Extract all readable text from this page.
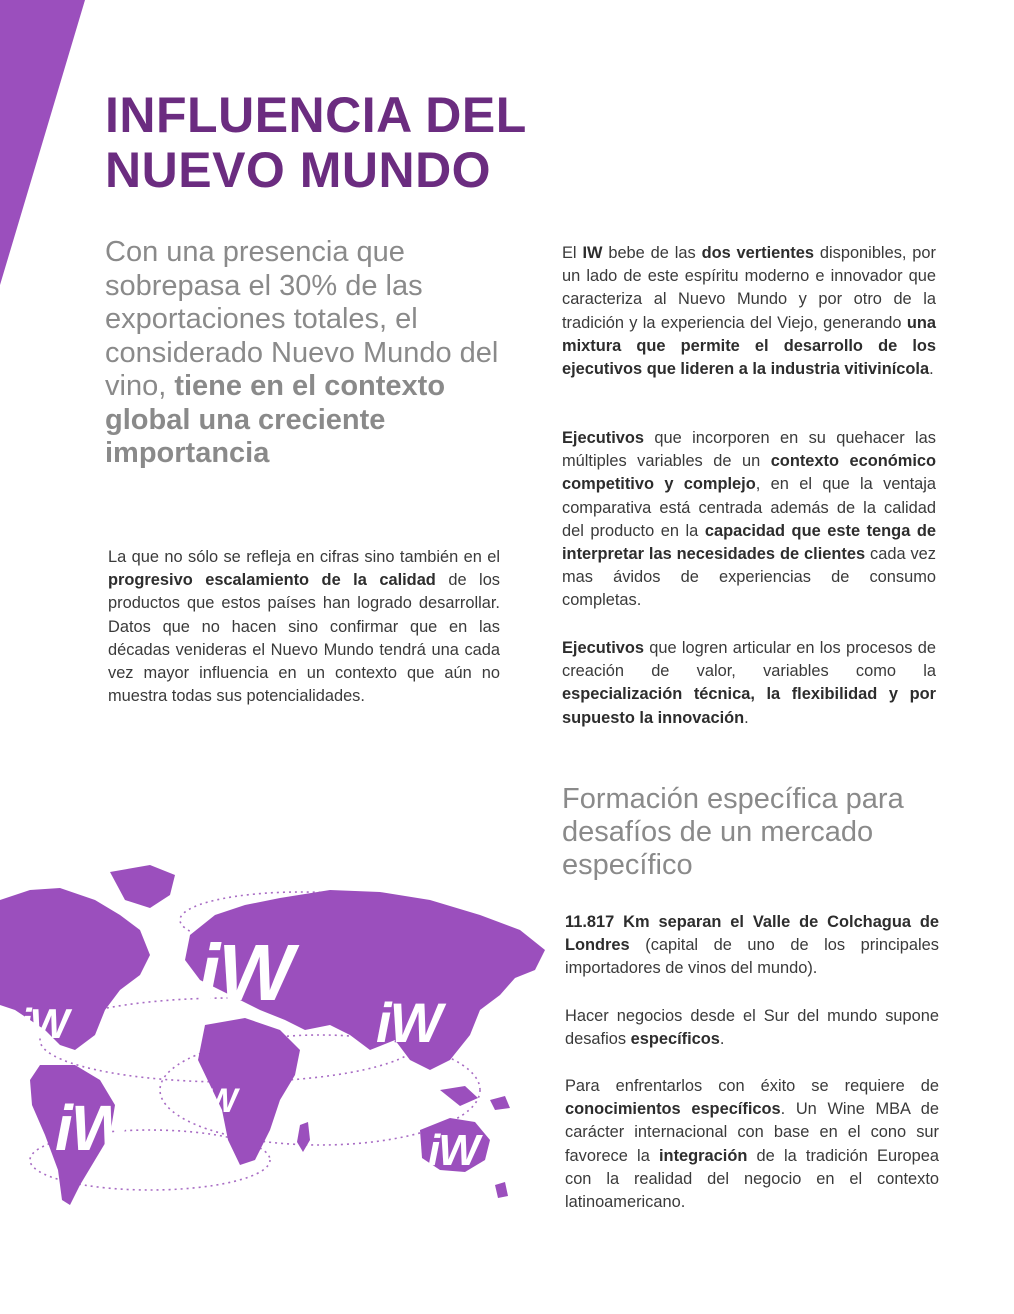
INFLUENCIA DEL
NUEVO MUNDO

Con una presencia que sobrepasa el 30% de las exportaciones totales, el considerado Nuevo Mundo del vino, tiene en el contexto global una creciente importancia

La que no sólo se refleja en cifras sino también en el progresivo escalamiento de la calidad de los productos que estos países han logrado desarrollar. Datos que no hacen sino confirmar que en las décadas venideras el Nuevo Mundo tendrá una cada vez mayor influencia en un contexto que aún no muestra todas sus potencialidades.

El IW bebe de las dos vertientes disponibles, por un lado de este espíritu moderno e innovador que caracteriza al Nuevo Mundo y por otro de la tradición y la experiencia del Viejo, generando una mixtura que permite el desarrollo de los ejecutivos que lideren a la industria vitivinícola.

Ejecutivos que incorporen en su quehacer las múltiples variables de un contexto económico competitivo y complejo, en el que la ventaja comparativa está centrada además de la calidad del producto en la capacidad que este tenga de interpretar las necesidades de clientes cada vez mas ávidos de experiencias de consumo completas.

Ejecutivos que logren articular en los procesos de creación de valor, variables como la especialización técnica, la flexibilidad y por supuesto la innovación.

Formación específica para desafíos de un mercado específico

11.817 Km separan el Valle de Colchagua de Londres (capital de uno de los principales importadores de vinos del mundo).

Hacer negocios desde el Sur del mundo supone desafios específicos.

Para enfrentarlos con éxito se requiere de conocimientos específicos. Un Wine MBA de carácter internacional con base en el cono sur favorece la integración de la tradición Europea con la realidad del negocio en el contexto latinoamericano.

iW
iW	iW
iW
iW	iW
